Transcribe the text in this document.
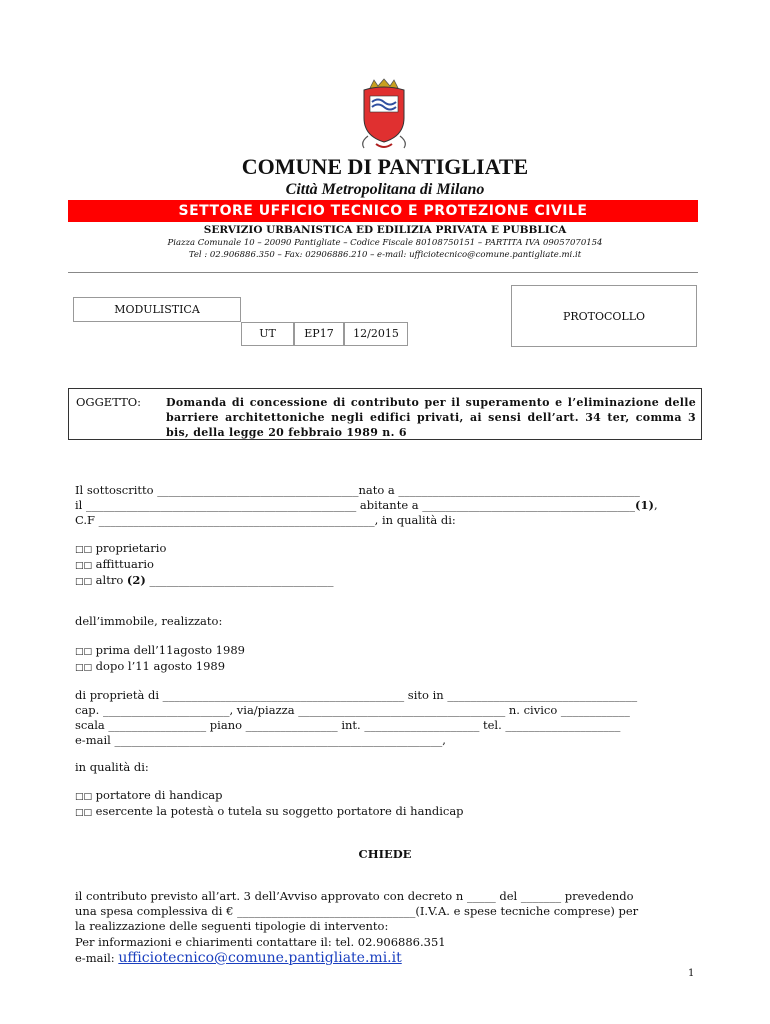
COMUNE DI PANTIGLIATE
Città Metropolitana di Milano
SETTORE UFFICIO TECNICO E PROTEZIONE CIVILE
SERVIZIO URBANISTICA ED EDILIZIA PRIVATA E PUBBLICA
Piazza Comunale 10 – 20090 Pantigliate – Codice Fiscale 80108750151 – PARTITA IVA 09057070154
Tel : 02.906886.350 – Fax: 02906886.210 – e-mail: ufficiotecnico@comune.pantigliate.mi.it
MODULISTICA
UT	EP17	12/2015
PROTOCOLLO
OGGETTO: Domanda di concessione di contributo per il superamento e l’eliminazione delle barriere architettoniche negli edifici privati, ai sensi dell’art. 34 ter, comma 3 bis, della legge 20 febbraio 1989 n. 6
Il sottoscritto ___________________________________nato a __________________________________________
il _______________________________________________ abitante a _____________________________________(1),
C.F ________________________________________________, in qualità di:
□□ proprietario
□□ affittuario
□□ altro (2) ________________________________
dell’immobile, realizzato:
□□ prima dell’11agosto 1989
□□ dopo l’11 agosto 1989
di proprietà di __________________________________________ sito in _________________________________
cap. ______________________, via/piazza ____________________________________ n. civico ____________
scala _________________ piano ________________ int. ____________________ tel. ____________________
e-mail _________________________________________________________,
in qualità di:
□□ portatore di handicap
□□ esercente la potestà o tutela su soggetto portatore di handicap
CHIEDE
il contributo previsto all’art. 3 dell’Avviso approvato con decreto n _____ del _______ prevedendo
una spesa complessiva di € _______________________________(I.V.A. e spese tecniche comprese) per
la realizzazione delle seguenti tipologie di intervento:
Per informazioni e chiarimenti contattare il: tel. 02.906886.351
e-mail: ufficiotecnico@comune.pantigliate.mi.it
1
